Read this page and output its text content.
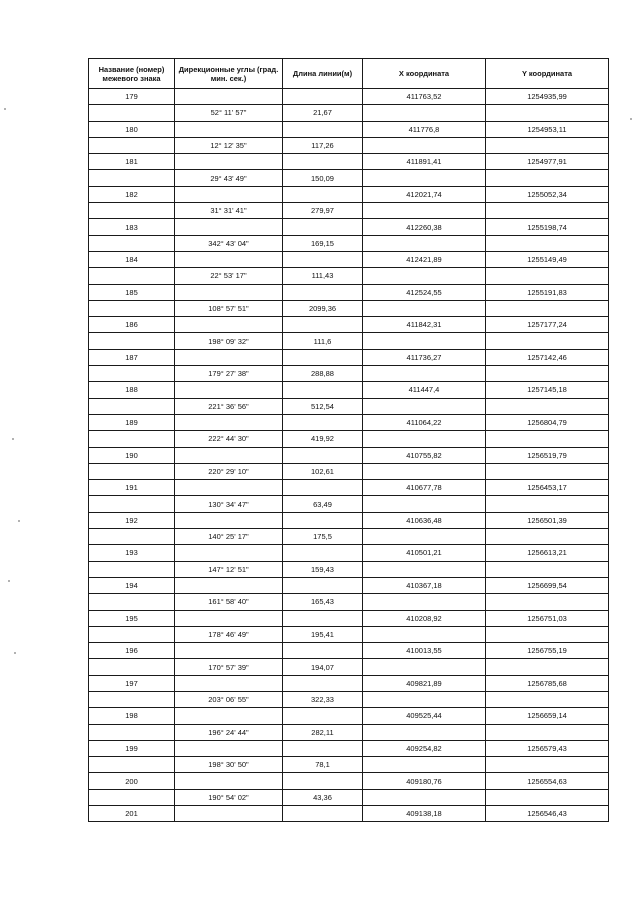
Название (номер) межевого знака	Дирекционные углы (град. мин. сек.)	Длина линии(м)	X координата	Y координата
179			411763,52	1254935,99
	52° 11' 57"	21,67		
180			411776,8	1254953,11
	12° 12' 35"	117,26		
181			411891,41	1254977,91
	29° 43' 49"	150,09		
182			412021,74	1255052,34
	31° 31' 41"	279,97		
183			412260,38	1255198,74
	342° 43' 04"	169,15		
184			412421,89	1255149,49
	22° 53' 17"	111,43		
185			412524,55	1255191,83
	108° 57' 51"	2099,36		
186			411842,31	1257177,24
	198° 09' 32"	111,6		
187			411736,27	1257142,46
	179° 27' 38"	288,88		
188			411447,4	1257145,18
	221° 36' 56"	512,54		
189			411064,22	1256804,79
	222° 44' 30"	419,92		
190			410755,82	1256519,79
	220° 29' 10"	102,61		
191			410677,78	1256453,17
	130° 34' 47"	63,49		
192			410636,48	1256501,39
	140° 25' 17"	175,5		
193			410501,21	1256613,21
	147° 12' 51"	159,43		
194			410367,18	1256699,54
	161° 58' 40"	165,43		
195			410208,92	1256751,03
	178° 46' 49"	195,41		
196			410013,55	1256755,19
	170° 57' 39"	194,07		
197			409821,89	1256785,68
	203° 06' 55"	322,33		
198			409525,44	1256659,14
	196° 24' 44"	282,11		
199			409254,82	1256579,43
	198° 30' 50"	78,1		
200			409180,76	1256554,63
	190° 54' 02"	43,36		
201			409138,18	1256546,43
